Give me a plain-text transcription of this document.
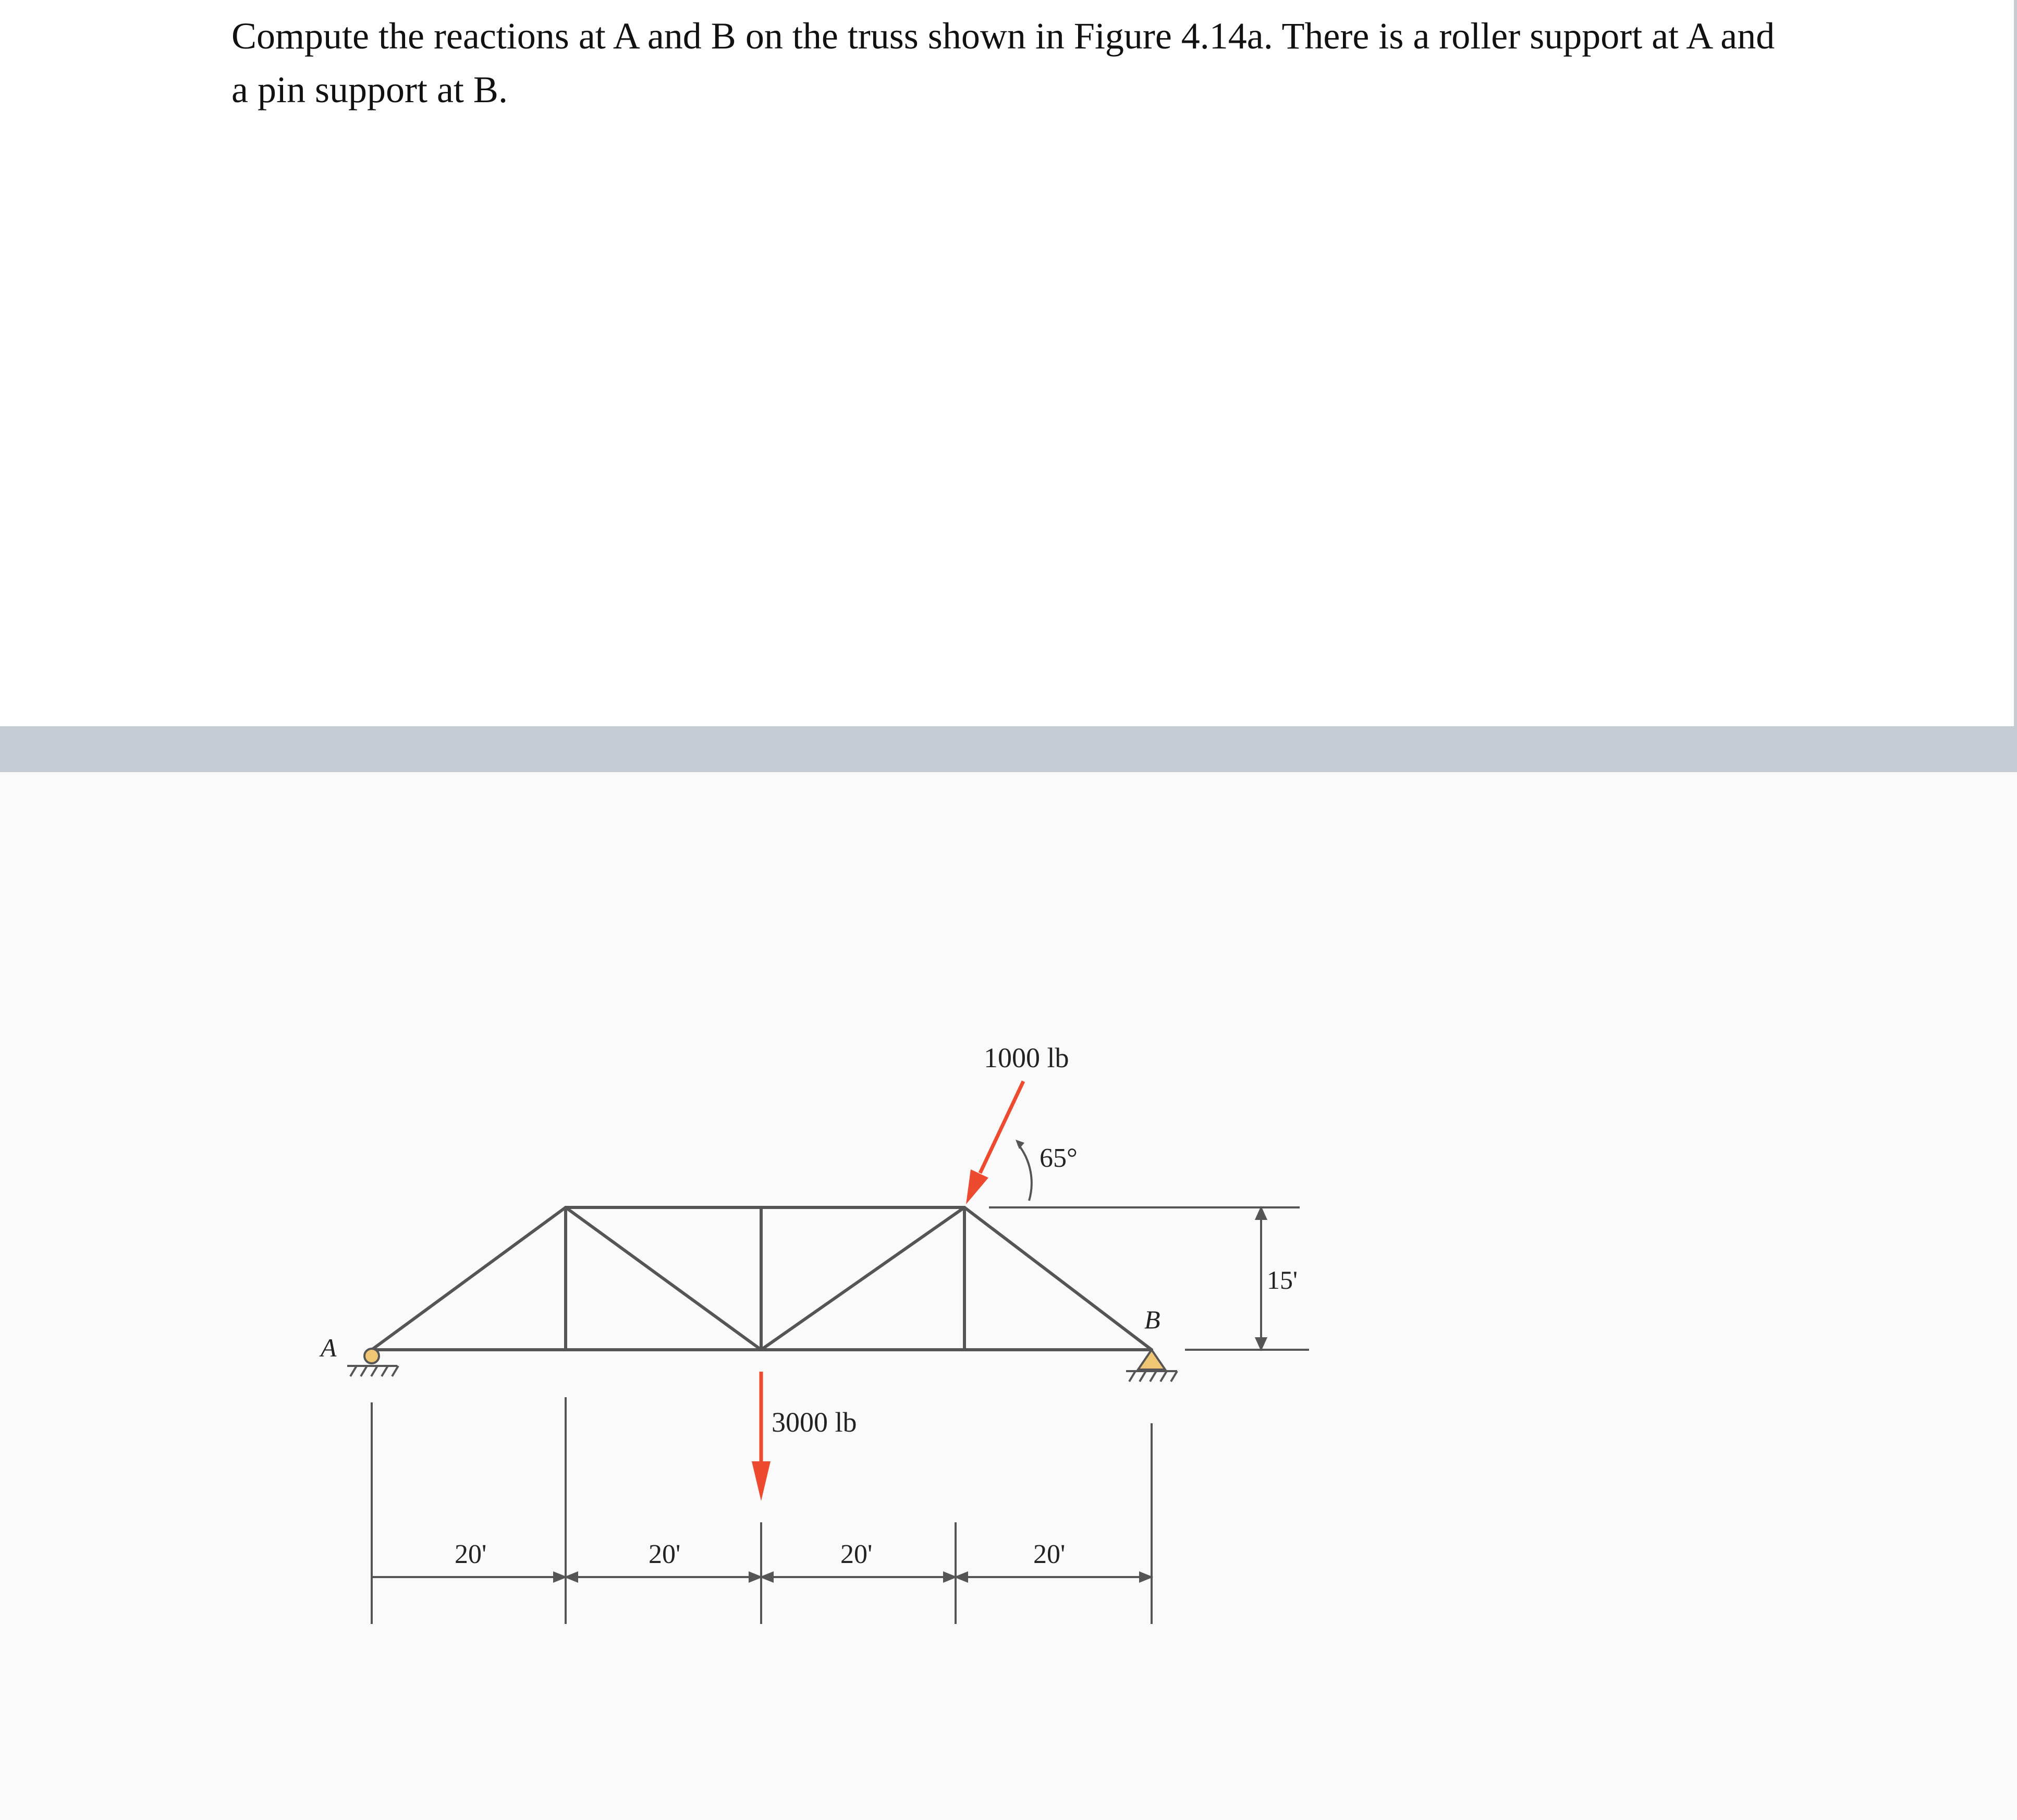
Compute the reactions at A and B on the truss shown in Figure 4.14a. There is a roller support at A and a pin support at B.

A
B
1000 lb
65°
15'
3000 lb
20'	20'	20'	20'
